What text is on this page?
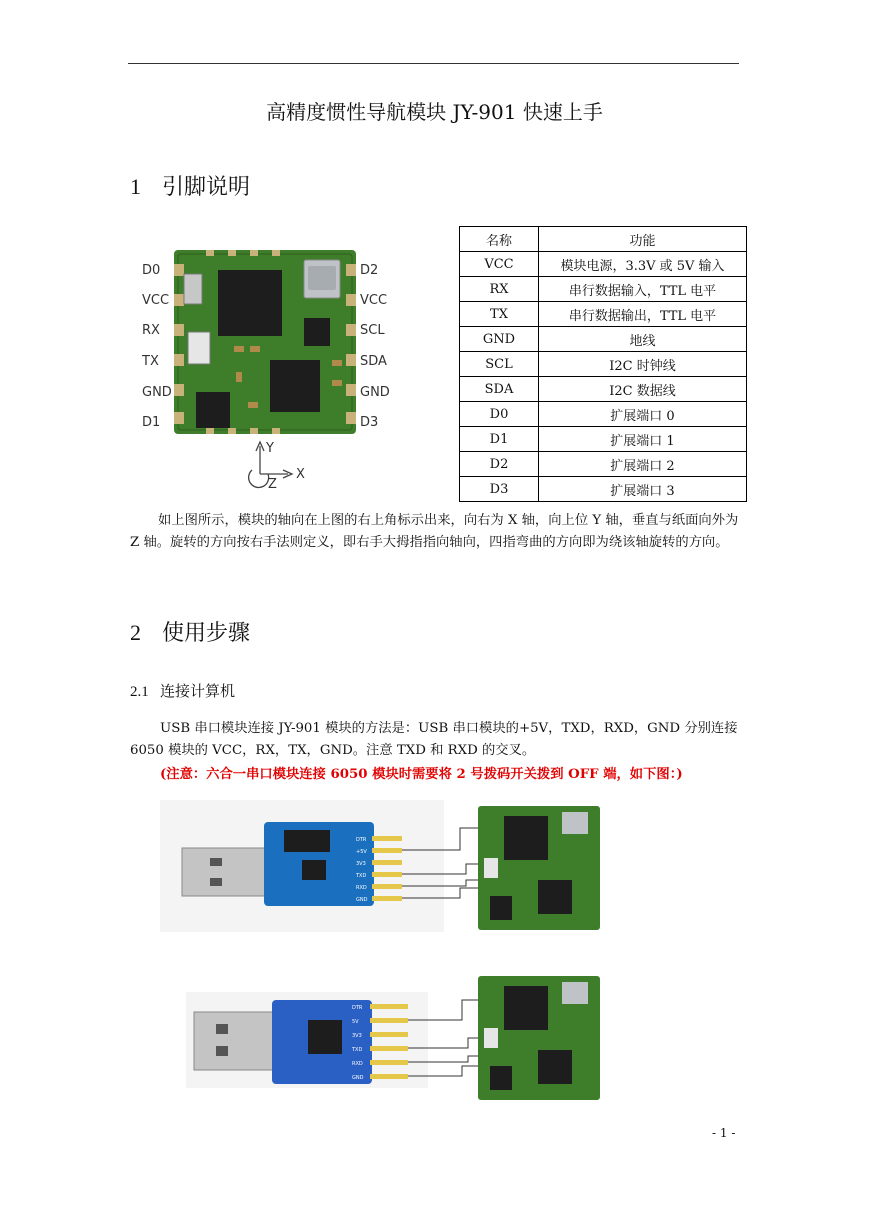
高精度惯性导航模块 JY-901 快速上手
1 引脚说明
D0
VCC
RX
TX
GND
D1
D2
VCC
SCL
SDA
GND
D3
Y
X
Z
名称	功能
VCC	模块电源，3.3V 或 5V 输入
RX	串行数据输入，TTL 电平
TX	串行数据输出，TTL 电平
GND	地线
SCL	I2C 时钟线
SDA	I2C 数据线
D0	扩展端口 0
D1	扩展端口 1
D2	扩展端口 2
D3	扩展端口 3

如上图所示，模块的轴向在上图的右上角标示出来，向右为 X 轴，向上位 Y 轴，垂直与纸面向外为 Z 轴。旋转的方向按右手法则定义，即右手大拇指指向轴向，四指弯曲的方向即为绕该轴旋转的方向。

2 使用步骤
2.1 连接计算机

USB 串口模块连接 JY-901 模块的方法是：USB 串口模块的+5V，TXD，RXD，GND 分别连接 6050 模块的 VCC，RX，TX，GND。注意 TXD 和 RXD 的交叉。

(注意：六合一串口模块连接 6050 模块时需要将 2 号拨码开关拨到 OFF 端，如下图：)

DTR
+5V
3V3
TXD
RXD
GND
DTR
5V
3V3
TXD
RXD
GND
- 1 -
